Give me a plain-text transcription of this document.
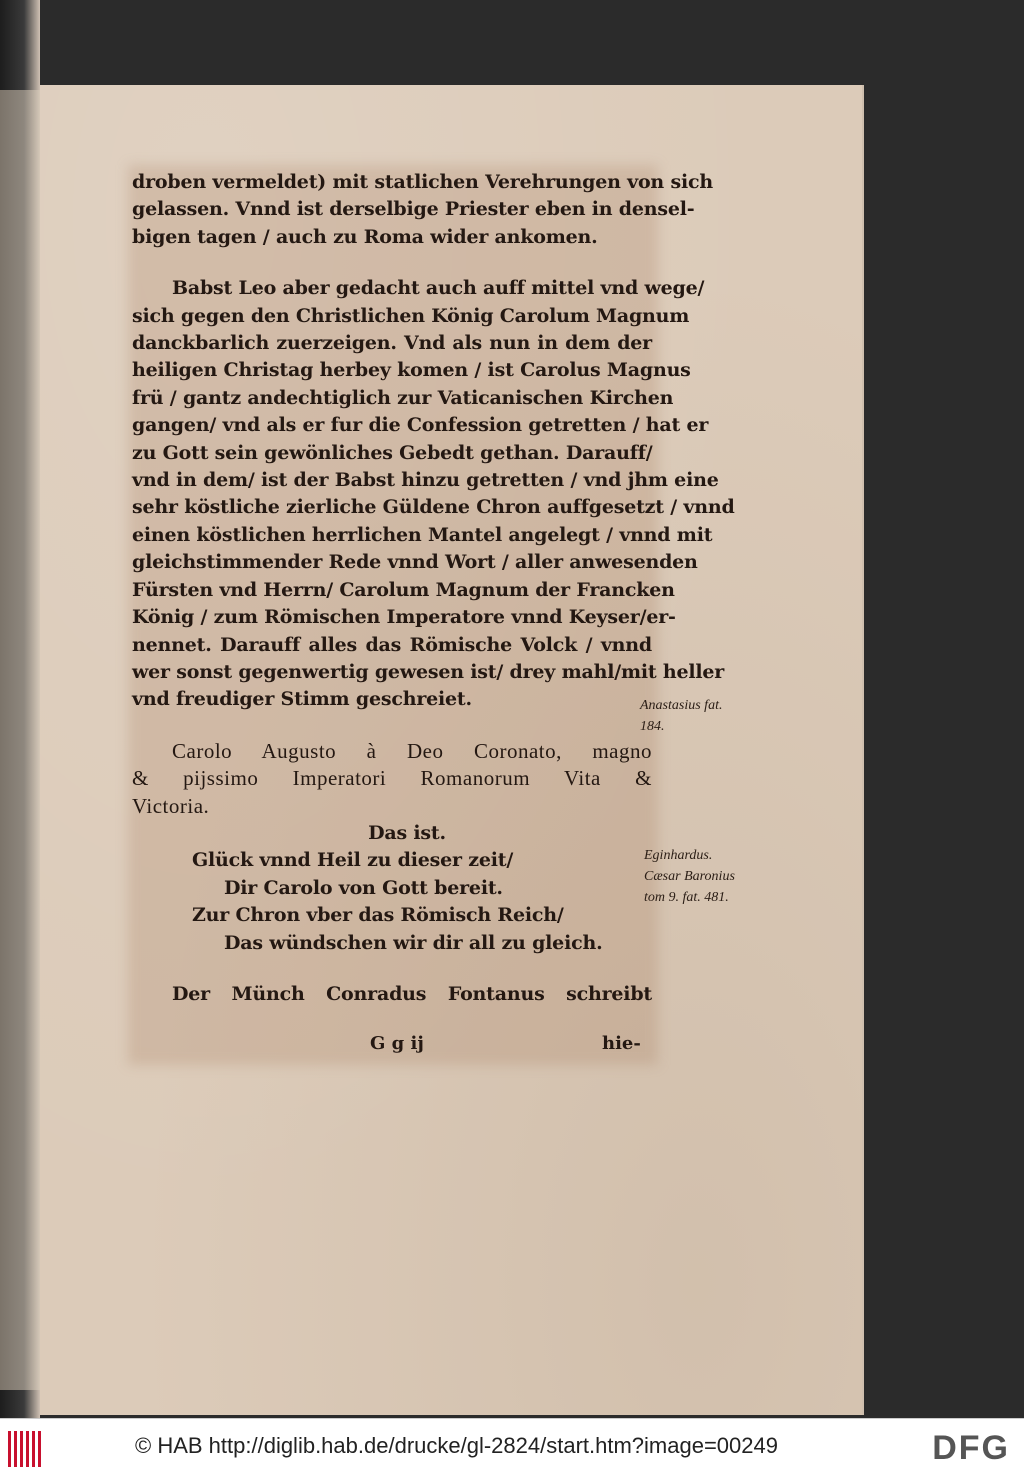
droben vermeldet) mit statlichen Verehrungen von sich
gelassen. Vnnd ist derselbige Priester eben in densel-
bigen tagen / auch zu Roma wider ankomen.

Babst Leo aber gedacht auch auff mittel vnd wege/
sich gegen den Christlichen König Carolum Magnum
danckbarlich zuerzeigen. Vnd als nun in dem der
heiligen Christag herbey komen / ist Carolus Magnus
frü / gantz andechtiglich zur Vaticanischen Kirchen
gangen/ vnd als er fur die Confession getretten / hat er
zu Gott sein gewönliches Gebedt gethan. Darauff/
vnd in dem/ ist der Babst hinzu getretten / vnd jhm eine
sehr köstliche zierliche Güldene Chron auffgesetzt / vnnd
einen köstlichen herrlichen Mantel angelegt / vnnd mit
gleichstimmender Rede vnnd Wort / aller anwesenden
Fürsten vnd Herrn/ Carolum Magnum der Francken
König / zum Römischen Imperatore vnnd Keyser/er-
nennet. Darauff alles das Römische Volck / vnnd
wer sonst gegenwertig gewesen ist/ drey mahl/mit heller
vnd freudiger Stimm geschreiet.

Carolo Augusto à Deo Coronato, magno
& pijssimo Imperatori Romanorum Vita &
Victoria.

Das ist.

Glück vnnd Heil zu dieser zeit/
Dir Carolo von Gott bereit.
Zur Chron vber das Römisch Reich/
Das wündschen wir dir all zu gleich.

Der Münch Conradus Fontanus schreibt

G g ij	hie-
Anastasius fat.
184.
Eginhardus.
Cæsar Baronius
tom 9. fat. 481.
© HAB http://diglib.hab.de/drucke/gl-2824/start.htm?image=00249	DFG
